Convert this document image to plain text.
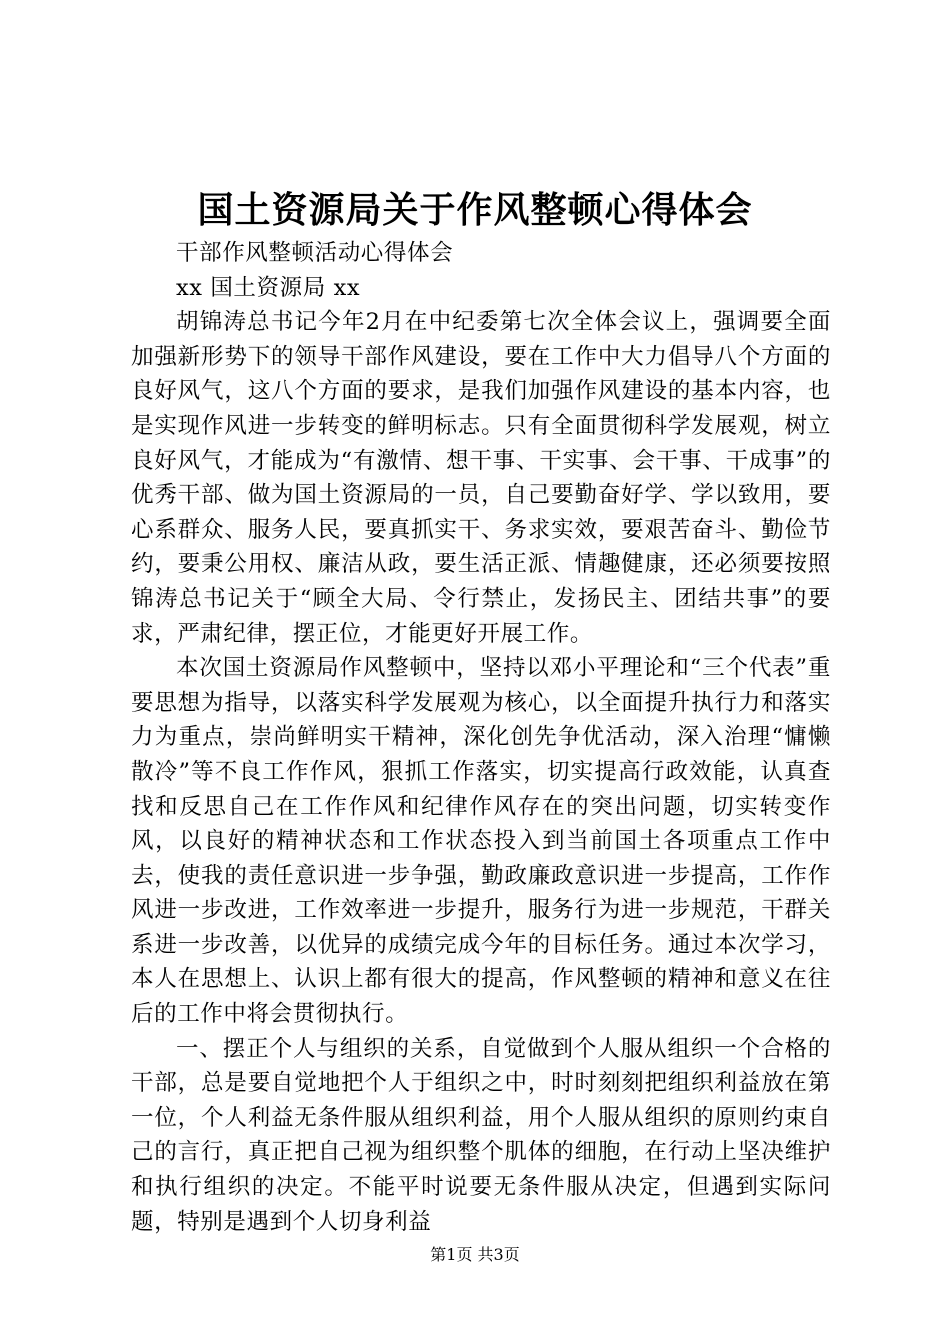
国土资源局关于作风整顿心得体会

干部作风整顿活动心得体会

xx 国土资源局 xx

胡锦涛总书记今年2月在中纪委第七次全体会议上，强调要全面加强新形势下的领导干部作风建设，要在工作中大力倡导八个方面的良好风气，这八个方面的要求，是我们加强作风建设的基本内容，也是实现作风进一步转变的鲜明标志。只有全面贯彻科学发展观，树立良好风气，才能成为“有激情、想干事、干实事、会干事、干成事”的优秀干部、做为国土资源局的一员，自己要勤奋好学、学以致用，要心系群众、服务人民，要真抓实干、务求实效，要艰苦奋斗、勤俭节约，要秉公用权、廉洁从政，要生活正派、情趣健康，还必须要按照锦涛总书记关于“顾全大局、令行禁止，发扬民主、团结共事”的要求，严肃纪律，摆正位，才能更好开展工作。

本次国土资源局作风整顿中，坚持以邓小平理论和“三个代表”重要思想为指导，以落实科学发展观为核心，以全面提升执行力和落实力为重点，崇尚鲜明实干精神，深化创先争优活动，深入治理“慵懒散冷”等不良工作作风，狠抓工作落实，切实提高行政效能，认真查找和反思自己在工作作风和纪律作风存在的突出问题，切实转变作风，以良好的精神状态和工作状态投入到当前国土各项重点工作中去，使我的责任意识进一步争强，勤政廉政意识进一步提高，工作作风进一步改进，工作效率进一步提升，服务行为进一步规范，干群关系进一步改善，以优异的成绩完成今年的目标任务。通过本次学习，本人在思想上、认识上都有很大的提高，作风整顿的精神和意义在往后的工作中将会贯彻执行。

一、摆正个人与组织的关系，自觉做到个人服从组织一个合格的干部，总是要自觉地把个人于组织之中，时时刻刻把组织利益放在第一位，个人利益无条件服从组织利益，用个人服从组织的原则约束自己的言行，真正把自己视为组织整个肌体的细胞，在行动上坚决维护和执行组织的决定。不能平时说要无条件服从决定，但遇到实际问题，特别是遇到个人切身利益

第1页 共3页
